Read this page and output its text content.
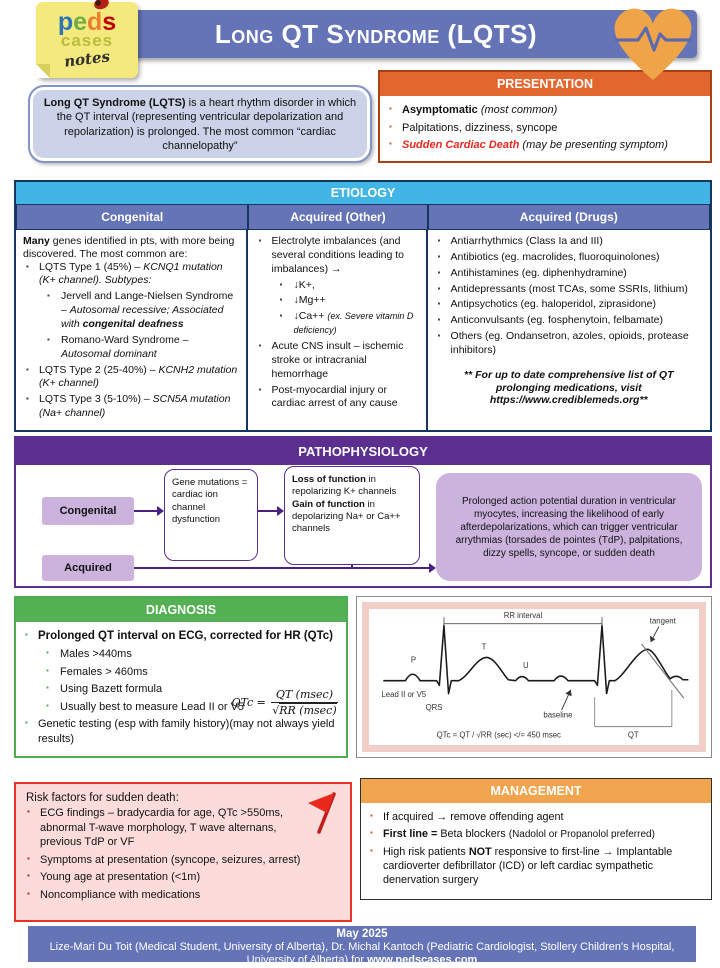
Long QT Syndrome (LQTS)
peds
cases
notes
Long QT Syndrome (LQTS) is a heart rhythm disorder in which the QT interval (representing ventricular depolarization and repolarization) is prolonged. The most common “cardiac channelopathy”
PRESENTATION
▪ Asymptomatic (most common)
▪ Palpitations, dizziness, syncope
▪ Sudden Cardiac Death (may be presenting symptom)
ETIOLOGY
Congenital	Acquired (Other)	Acquired (Drugs)
Many genes identified in pts, with more being discovered. The most common are:
▪ LQTS Type 1 (45%) – KCNQ1 mutation (K+ channel). Subtypes:
▪ Jervell and Lange-Nielsen Syndrome – Autosomal recessive; Associated with congenital deafness
▪ Romano-Ward Syndrome – Autosomal dominant
▪ LQTS Type 2 (25-40%) – KCNH2 mutation (K+ channel)
▪ LQTS Type 3 (5-10%) – SCN5A mutation (Na+ channel)
▪ Electrolyte imbalances (and several conditions leading to imbalances) →
▪ ↓K+,
▪ ↓Mg++
▪ ↓Ca++ (ex. Severe vitamin D deficiency)
▪ Acute CNS insult – ischemic stroke or intracranial hemorrhage
▪ Post-myocardial injury or cardiac arrest of any cause
▪ Antiarrhythmics (Class Ia and III)
▪ Antibiotics (eg. macrolides, fluoroquinolones)
▪ Antihistamines (eg. diphenhydramine)
▪ Antidepressants (most TCAs, some SSRIs, lithium)
▪ Antipsychotics (eg. haloperidol, ziprasidone)
▪ Anticonvulsants (eg. fosphenytoin, felbamate)
▪ Others (eg. Ondansetron, azoles, opioids, protease inhibitors)
** For up to date comprehensive list of QT prolonging medications, visit https://www.crediblemeds.org**
PATHOPHYSIOLOGY
Congenital
Gene mutations = cardiac ion channel dysfunction
Loss of function in repolarizing K+ channels
Gain of function in depolarizing Na+ or Ca++ channels
Acquired
Prolonged action potential duration in ventricular myocytes, increasing the likelihood of early afterdepolarizations, which can trigger ventricular arrythmias (torsades de pointes (TdP), palpitations, dizzy spells, syncope, or sudden death
DIAGNOSIS
▪ Prolonged QT interval on ECG, corrected for HR (QTc)
▪ Males >440ms
▪ Females > 460ms
▪ Using Bazett formula
▪ Usually best to measure Lead II or V5
▪ Genetic testing (esp with family history)(may not always yield results)
QTc = $\frac{QT (msec)}{√RR (msec)}$
RR interval
tangent
QT
baseline
P
T
U
QRS
Lead II or V5
QTc = QT / √RR (sec) </= 450 msec
Risk factors for sudden death:
▪ ECG findings – bradycardia for age, QTc >550ms, abnormal T-wave morphology, T wave alternans, previous TdP or VF
▪ Symptoms at presentation (syncope, seizures, arrest)
▪ Young age at presentation (<1m)
▪ Noncompliance with medications
MANAGEMENT
▪ If acquired → remove offending agent
▪ First line = Beta blockers (Nadolol or Propanolol preferred)
▪ High risk patients NOT responsive to first-line → Implantable cardioverter defibrillator (ICD) or left cardiac sympathetic denervation surgery
May 2025
Lize-Mari Du Toit (Medical Student, University of Alberta), Dr. Michal Kantoch (Pediatric Cardiologist, Stollery Children's Hospital, University of Alberta) for www.pedscases.com
